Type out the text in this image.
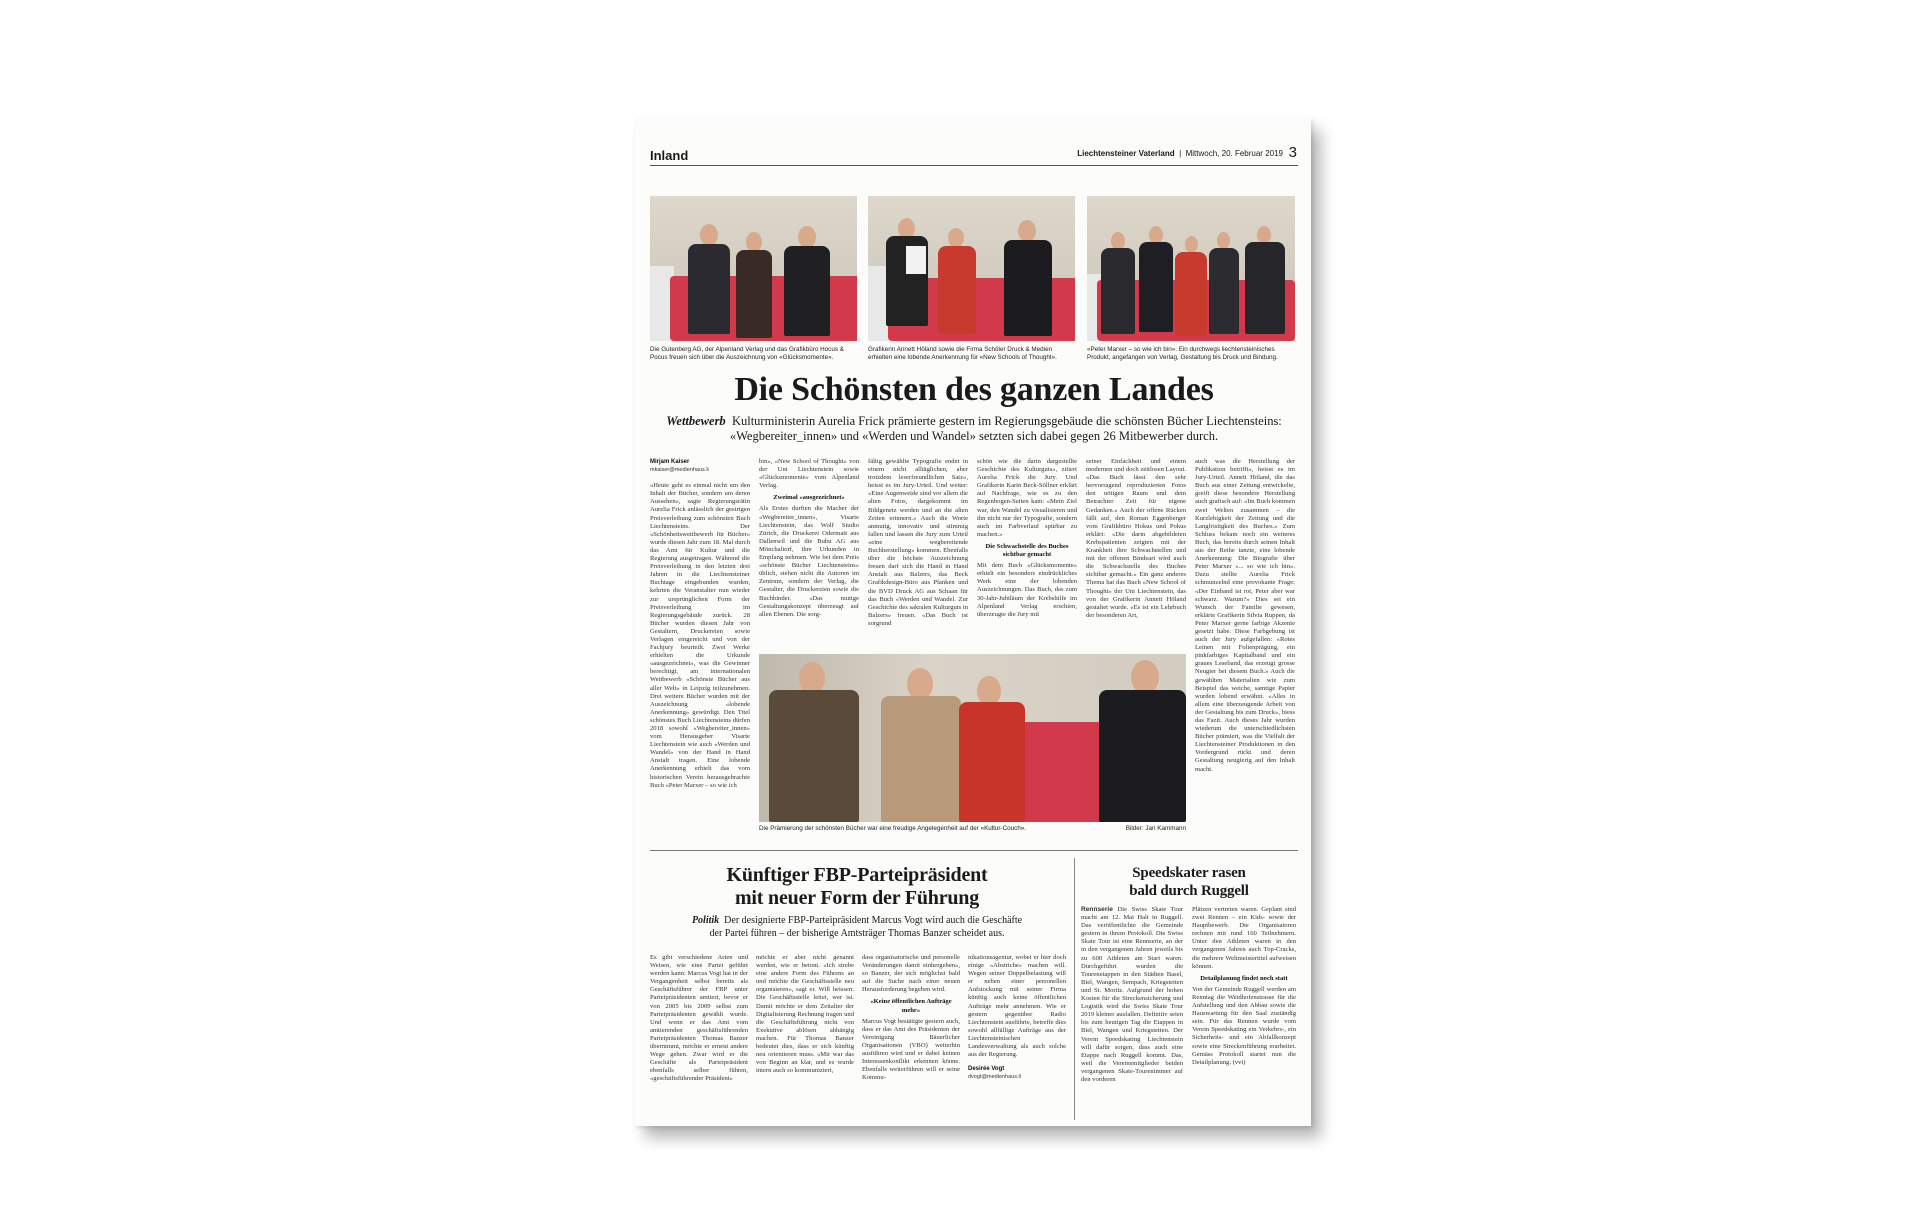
Inland	Liechtensteiner Vaterland  |  Mittwoch, 20. Februar 2019 3
Die Gutenberg AG, der Alpenland Verlag und das Grafikbüro Hocus & Pocus freuen sich über die Auszeichnung von «Glücksmomente».
Grafikerin Annett Höland sowie die Firma Schöler Druck & Medien erhielten eine lobende Anerkennung für «New Schools of Thought».
«Peter Marxer – so wie ich bin»: Ein durchwegs liechtensteinisches Produkt, angefangen von Verlag, Gestaltung bis Druck und Bindung.
Die Schönsten des ganzen Landes
Wettbewerb Kulturministerin Aurelia Frick prämierte gestern im Regierungsgebäude die schönsten Bücher Liechtensteins:
«Wegbereiter_innen» und «Werden und Wandel» setzten sich dabei gegen 26 Mitbewerber durch.
Mirjam Kaiser
mkaiser@medienhaus.li
«Heute geht es einmal nicht um den Inhalt der Bücher, sondern um deren Aussehen», sagte Regierungsrätin Aurelia Frick anlässlich der gestrigen Preisverleihung zum schönsten Buch Liechtensteins. Der «Schönheitswettbewerb für Bücher» wurde diesen Jahr zum 18. Mal durch das Amt für Kultur und die Regierung ausgetragen. Während die Preisverleihung in den letzten drei Jahren in die Liechtensteiner Buchtage eingebunden wurden, kehrten die Veranstalter nun wieder zur ursprünglichen Form der Preisverleihung im Regierungsgebäude zurück. 28 Bücher wurden diesen Jahr von Gestaltern, Druckereien sowie Verlagen eingereicht und von der Fachjury beurteilt. Zwei Werke erhielten die Urkunde «ausgezeichnet», was die Gewinner berechtigt, am internationalen Wettbewerb «Schönste Bücher aus aller Welt» in Leipzig teilzunehmen. Drei weitere Bücher wurden mit der Auszeichnung «lobende Anerkennung» gewürdigt. Den Titel schönstes Buch Liechtensteins dürfen 2018 sowohl «Wegbereiter_innen» vom Herausgeber Visarte Liechtenstein wie auch «Werden und Wandel» von der Hand in Hand Anstalt tragen. Eine lobende Anerkennung erhielt das vom historischen Verein herausgebrachte Buch «Peter Marxer – so wie ich
bin», «New School of Thought» von der Uni Liechtenstein sowie «Glücksmomente» vom Alpenland Verlag.
Zweimal «ausgezeichnet»
Als Erstes durften die Macher der «Wegbereiter_innen», Visarte Liechtenstein, das Wolf Studio Zürich, die Druckerei Odermatt aus Dallenwil und die Bubu AG aus Mönchaltorf, ihre Urkunden in Empfang nehmen. Wie bei dem Preis «schönste Bücher Liechtensteins» üblich, stehen nicht die Autoren im Zentrum, sondern der Verlag, die Gestalter, die Druckereien sowie die Buchbinder. «Das mutige Gestaltungskonzept überzeugt auf allen Ebenen. Die sorg-
fältig gewählte Typografie endet in einem nicht alltäglichen, aber trotzdem leserfreundlichen Satz», heisst es im Jury-Urteil. Und weiter: «Eine Augenweide sind vor allem die alten Fotos, dargekommt im Bildgenetz werden und an die alten Zeiten erinnern.» Auch die Worte anmutig, innovativ und stimmig fallen und lassen die Jury zum Urteil «eine wegbereitende Buchherstellung» kommen. Ebenfalls über die höchste Auszeichnung freuen darf sich die Hand in Hand Anstalt aus Balzers, das Beck Grafikdesign-Büro aus Planken und die BVD Druck AG aus Schaan für das Buch «Werden und Wandel. Zur Geschichte des sakralen Kulturguts in Balzers» freuen. «Das Buch ist sorgrund
schön wie die darin dargestellte Geschichte des Kulturguts», zitiert Aurelia Frick die Jury. Und Grafikerin Karin Beck-Söllner erklärt auf Nachfrage, wie es zu den Regenbogen-Seiten kam: «Mein Ziel war, den Wandel zu visualisieren und ihn nicht nur der Typografie, sondern auch im Farbverlauf spürbar zu machen.»
Die Schwachstelle des Buches sichtbar gemacht
Mit dem Buch «Glücksmomente» erhielt ein besonders eindrückliches Werk eine der lobenden Auszeichnungen. Das Buch, das zum 30-Jahr-Jubiläum der Krebshilfe im Alpenland Verlag erschien, überzeugte die Jury mit
seiner Einfachheit und einem modernen und doch zeitlosen Layout. «Das Buch lässt den sehr hervorragend reproduzierten Fotos den nötigen Raum und dem Betrachter Zeit für eigene Gedanken.» Auch der offene Rücken fällt auf, den Roman Eggenberger vom Grafikbüro Hokus und Pokus erklärt: «Die darin abgebildeten Krebspatienten zeigten mit der Krankheit ihre Schwachstellen und mit der offenen Bindeart wird auch die Schwachstelle des Buches sichtbar gemacht.» Ein ganz anderes Thema hat das Buch «New School of Thought» der Uni Liechtenstein, das von der Grafikerin Annett Höland gestaltet wurde. «Es ist ein Lehrbuch der besonderen Art,
auch was die Herstellung der Publikation betrifft», heisst es im Jury-Urteil. Annett Höland, die das Buch aus einer Zeitung entwickelte, greift diese besondere Herstellung auch grafisch auf: «Im Buch kommen zwei Welten zusammen – die Kurzlebigkeit der Zeitung und die Langfristigkeit des Buches.» Zum Schluss bekam noch ein weiteres Buch, das bereits durch seinen Inhalt aus der Reihe tanzte, eine lobende Anerkennung: Die Biografie über Peter Marxer «... so wie ich bin». Dazu stellte Aurelia Frick schmunzelnd eine provokante Frage: «Der Einband ist rot, Peter aber war schwarz. Warum?» Dies sei ein Wunsch der Familie gewesen, erklärte Grafikerin Silvia Ruppen, da Peter Marxer gerne farbige Akzente gesetzt habe. Diese Farbgebung ist auch der Jury aufgefallen: «Rotes Leinen mit Folienprägung, ein pinkfarbiges Kapitalband und ein graues Leseband, das erzeugt grosse Neugier bei diesem Buch.» Auch die gewählten Materialien wie zum Beispiel das weiche, samtige Papier wurden lobend erwähnt. «Alles in allem eine überzeugende Arbeit von der Gestaltung bis zum Druck», hiess das Fazit. Auch dieses Jahr wurden wiederum die unterschiedlichsten Bücher prämiert, was die Vielfalt der Liechtensteiner Produktionen in den Vordergrund rückt und deren Gestaltung neugierig auf den Inhalt macht.
Die Prämierung der schönsten Bücher war eine freudige Angelegenheit auf der «Kultur-Couch».	Bilder: Jan Kammann
Künftiger FBP-Parteipräsident
mit neuer Form der Führung
Politik Der designierte FBP-Parteipräsident Marcus Vogt wird auch die Geschäfte
der Partei führen – der bisherige Amtsträger Thomas Banzer scheidet aus.
Es gibt verschiedene Arten und Weisen, wie eine Partei geführt werden kann: Marcus Vogt hat in der Vergangenheit selbst bereits als Geschäftsführer der FBP unter Parteipräsidenten amtiert, bevor er von 2005 bis 2009 selbst zum Parteipräsidenten gewählt wurde. Und wenn er das Amt vom amtierenden geschäftsführenden Parteipräsidenten Thomas Banzer übernimmt, möchte er erneut andere Wege gehen. Zwar wird er die Geschäfte als Parteipräsident ebenfalls selber führen, «geschäftsführender Präsident»
möchte er aber nicht genannt werden, wie er betont. «Ich strebe eine andere Form des Führens an und möchte die Geschäftsstelle neu organisieren», sagt er. Will heissen: Die Geschäftsstelle leitet, wer ist. Damit möchte er dem Zeitalter der Digitalisierung Rechnung tragen und die Geschäftsführung nicht von Exekutive ablösen abhängig machen. Für Thomas Banzer bedeutet dies, dass er sich künftig neu orientieren muss. «Mir war das von Beginn an klar, und es wurde intern auch so kommuniziert,
dass organisatorische und personelle Veränderungen damit einhergehen», so Banzer, der sich möglichst bald auf die Suche nach einer neuen Herausforderung begeben wird.
«Keine öffentlichen Aufträge mehr»
Marcus Vogt bestätigte gestern auch, dass er das Amt des Präsidenten der Vereinigung Bäuerlicher Organisationen (VBO) weiterhin ausführen wird und er dabei keinen Interessenkonflikt erkennen könne. Ebenfalls weiterführen will er seine Kommu-
nikationsagentur, wobei er hier doch einige «Abstriche» machen will. Wegen seiner Doppelbelastung will er neben einer personellen Aufstockung mit seiner Firma künftig auch keine öffentlichen Aufträge mehr annehmen. Wie er gestern gegenüber Radio Liechtenstein ausführte, betreffe dies sowohl allfällige Aufträge aus der Liechtensteinischen Landesverwaltung als auch solche aus der Regierung.
Desirée Vogt
dvogt@medienhaus.li
Speedskater rasen
bald durch Ruggell
Rennserie Die Swiss Skate Tour macht am 12. Mai Halt in Ruggell. Das veröffentlichte die Gemeinde gestern in ihrem Protokoll. Die Swiss Skate Tour ist eine Rennserie, an der in den vergangenen Jahren jeweils bis zu 600 Athleten am Start waren. Durchgeführt wurden die Tourenetappen in den Städten Basel, Biel, Wangen, Sempach, Kriegstetten und St. Moritz. Aufgrund der hohen Kosten für die Streckensicherung und Logistik wird die Swiss Skate Tour 2019 kleiner ausfallen. Definitiv seien bis zum heutigen Tag die Etappen in Biel, Wangen und Kriegstetten. Der Verein Speedskating Liechtenstein will dafür sorgen, dass auch eine Etappe nach Ruggell kommt. Das, weil die Vereinsmitglieder beiden vergangenen Skate-Tourenimmer auf den vorderen
Plätzen vertreten waren. Geplant sind zwei Rennen – ein Kids- sowie der Hauptbewerb. Die Organisatoren rechnen mit rund 160 Teilnehmern. Unter den Athleten waren in den vergangenen Jahren auch Top-Cracks, die mehrere Weltmeistertitel aufweisen können.
Detailplanung findet noch statt
Von der Gemeinde Ruggell werden am Renntag die Weidhofenstrasse für die Aufstellung und den Abbau sowie die Hauswartung für den Saal zuständig sein. Für das Rennen wurde vom Verein Speedskating ein Verkehrs-, ein Sicherheits- und ein Abfallkonzept sowie eine Streckenführung erarbeitet. Gemäss Protokoll startet nun die Detailplanung. (vvi)
